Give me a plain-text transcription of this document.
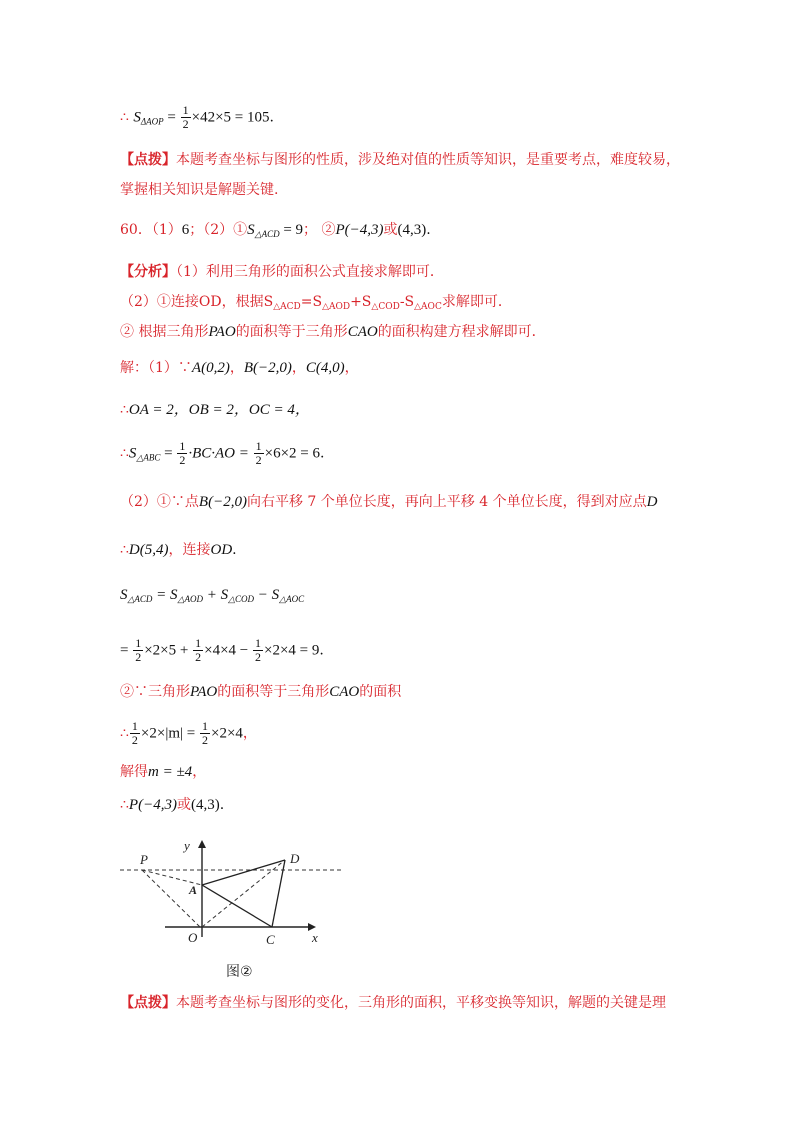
∴ $S_{\Delta AOP} = \frac{1}{2} \times 42\times 5 = 105$.
【点拨】本题考查坐标与图形的性质，涉及绝对值的性质等知识，是重要考点，难度较易，
掌握相关知识是解题关键.
60．（1）6；$(2)①S_{\triangle ACD} = 9$； ②P(−4,3)或(4,3).
【分析】（1）利用三角形的面积公式直接求解即可．
（2）①连接OD，根据$S_{\triangle ACD}=S_{\triangle AOD}+S_{\triangle COD}-S_{\triangle AOC}$求解即可．
② 根据三角形PAO的面积等于三角形CAO的面积构建方程求解即可．
解：（1）∵A(0,2)，B(−2,0)，C(4,0)，
∴OA = 2，OB = 2，OC = 4，
$\therefore S_{\triangle ABC} = \frac{1}{2} \cdot BC\cdot AO = \frac{1}{2} \times 6\times 2 = 6$.
（2）①∵点B(−2,0)向右平移 7 个单位长度，再向上平移 4 个单位长度，得到对应点D
∴D(5,4)，连接OD.
$S_{\triangle ACD} = S_{\triangle AOD} + S_{\triangle COD} - S_{\triangle AOC}$
= $\frac{1}{2} \times 2\times 5 + \frac{1}{2} \times 4\times 4 - \frac{1}{2} \times 2\times 4 = 9$.
②∵三角形PAO的面积等于三角形CAO的面积
∴ $\frac{1}{2} \times 2\times|m| = \frac{1}{2} \times 2\times 4$，
解得m = ±4，
∴P(−4,3)或(4,3).
P	D
A
O	C	x
y
图②
【点拨】本题考查坐标与图形的变化，三角形的面积，平移变换等知识，解题的关键是理
